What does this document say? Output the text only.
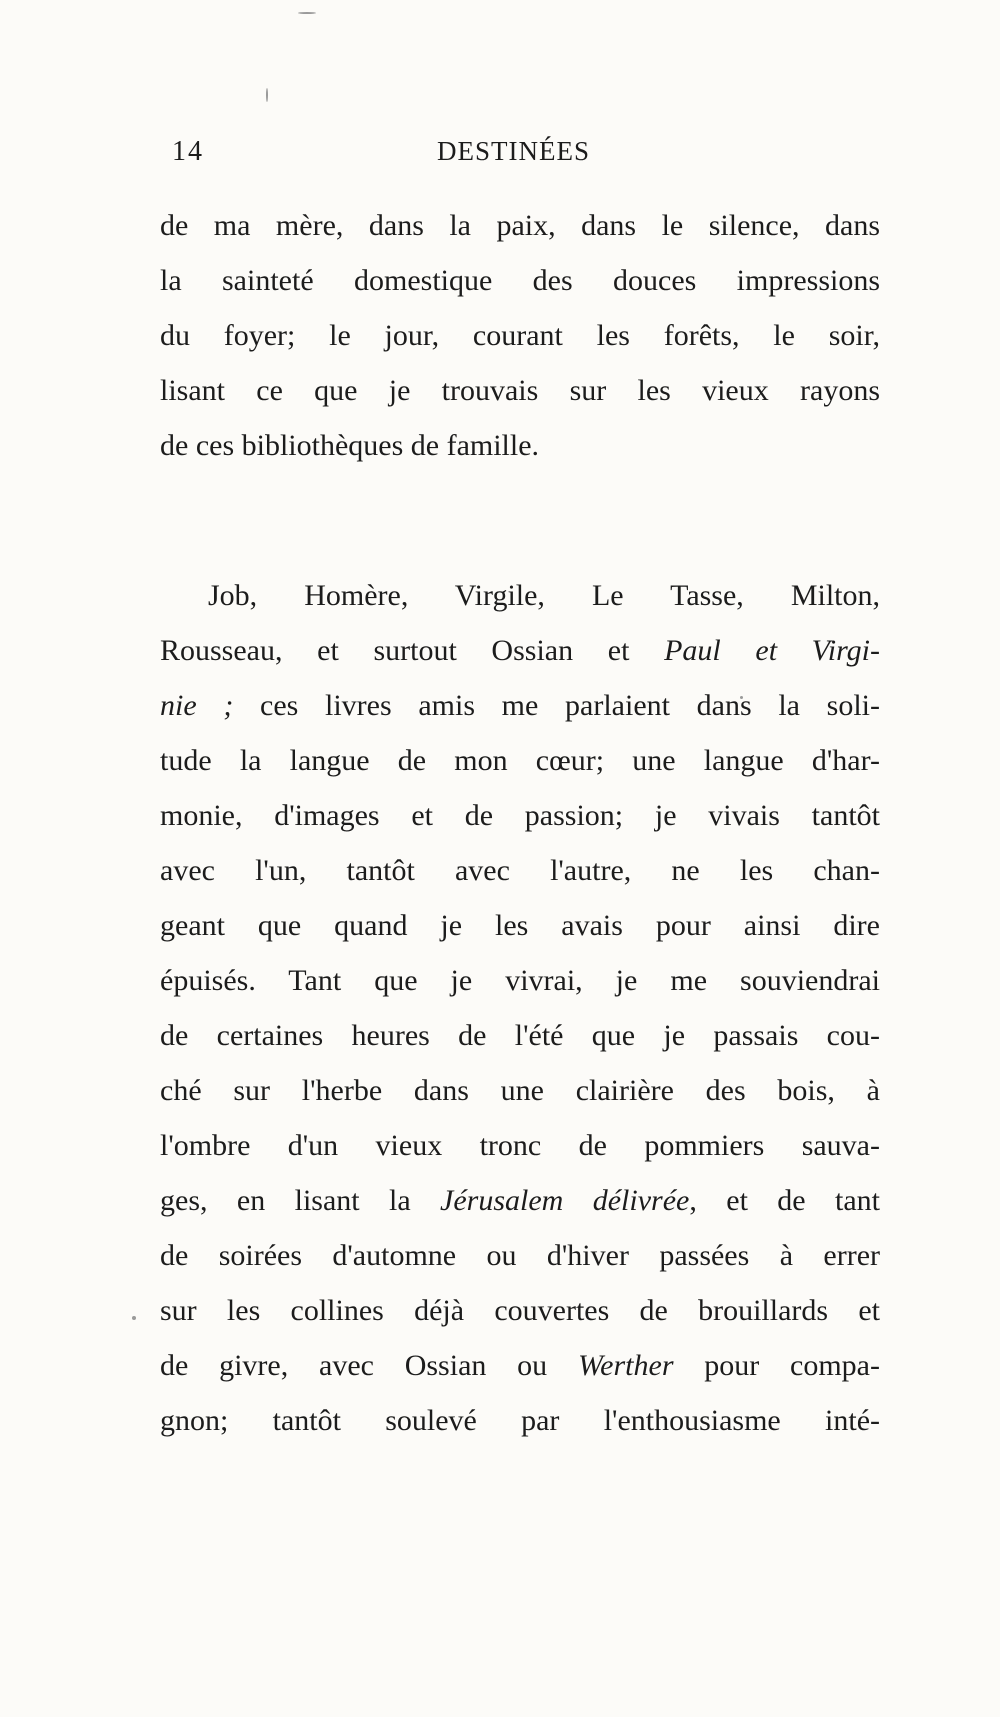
14	DESTINÉES
de ma mère, dans la paix, dans le silence, dans
la sainteté domestique des douces impressions
du foyer; le jour, courant les forêts, le soir,
lisant ce que je trouvais sur les vieux rayons
de ces bibliothèques de famille.
Job, Homère, Virgile, Le Tasse, Milton,
Rousseau, et surtout Ossian et Paul et Virgi-
nie ; ces livres amis me parlaient dans la soli-
tude la langue de mon cœur; une langue d'har-
monie, d'images et de passion; je vivais tantôt
avec l'un, tantôt avec l'autre, ne les chan-
geant que quand je les avais pour ainsi dire
épuisés. Tant que je vivrai, je me souviendrai
de certaines heures de l'été que je passais cou-
ché sur l'herbe dans une clairière des bois, à
l'ombre d'un vieux tronc de pommiers sauva-
ges, en lisant la Jérusalem délivrée, et de tant
de soirées d'automne ou d'hiver passées à errer
sur les collines déjà couvertes de brouillards et
de givre, avec Ossian ou Werther pour compa-
gnon; tantôt soulevé par l'enthousiasme inté-
